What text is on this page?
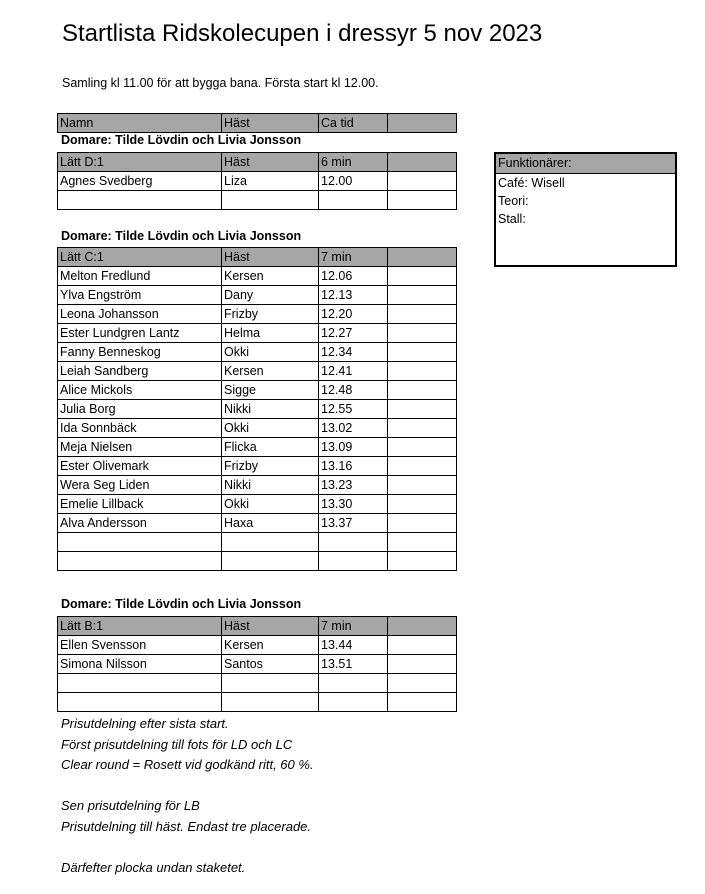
Startlista Ridskolecupen i dressyr 5 nov 2023
Samling kl 11.00 för att bygga bana. Första start kl 12.00.
Namn	Häst	Ca tid	
Domare: Tilde Lövdin och Livia Jonsson
Lätt D:1	Häst	6 min	
Agnes Svedberg	Liza	12.00	

Domare: Tilde Lövdin och Livia Jonsson
Lätt C:1	Häst	7 min	
Melton Fredlund	Kersen	12.06	
Ylva Engström	Dany	12.13	
Leona Johansson	Frizby	12.20	
Ester Lundgren Lantz	Helma	12.27	
Fanny Benneskog	Okki	12.34	
Leiah Sandberg	Kersen	12.41	
Alice Mickols	Sigge	12.48	
Julia Borg	Nikki	12.55	
Ida Sonnbäck	Okki	13.02	
Meja Nielsen	Flicka	13.09	
Ester Olivemark	Frizby	13.16	
Wera Seg Liden	Nikki	13.23	
Emelie Lillback	Okki	13.30	
Alva Andersson	Haxa	13.37	

Domare: Tilde Lövdin och Livia Jonsson
Lätt B:1	Häst	7 min	
Ellen Svensson	Kersen	13.44	
Simona Nilsson	Santos	13.51	

Funktionärer:
Café: Wisell
Teori:
Stall:
Prisutdelning efter sista start.
Först prisutdelning till fots för LD och LC
Clear round = Rosett vid godkänd ritt, 60 %.
Sen prisutdelning för LB
Prisutdelning till häst. Endast tre placerade.
Därfefter plocka undan staketet.
